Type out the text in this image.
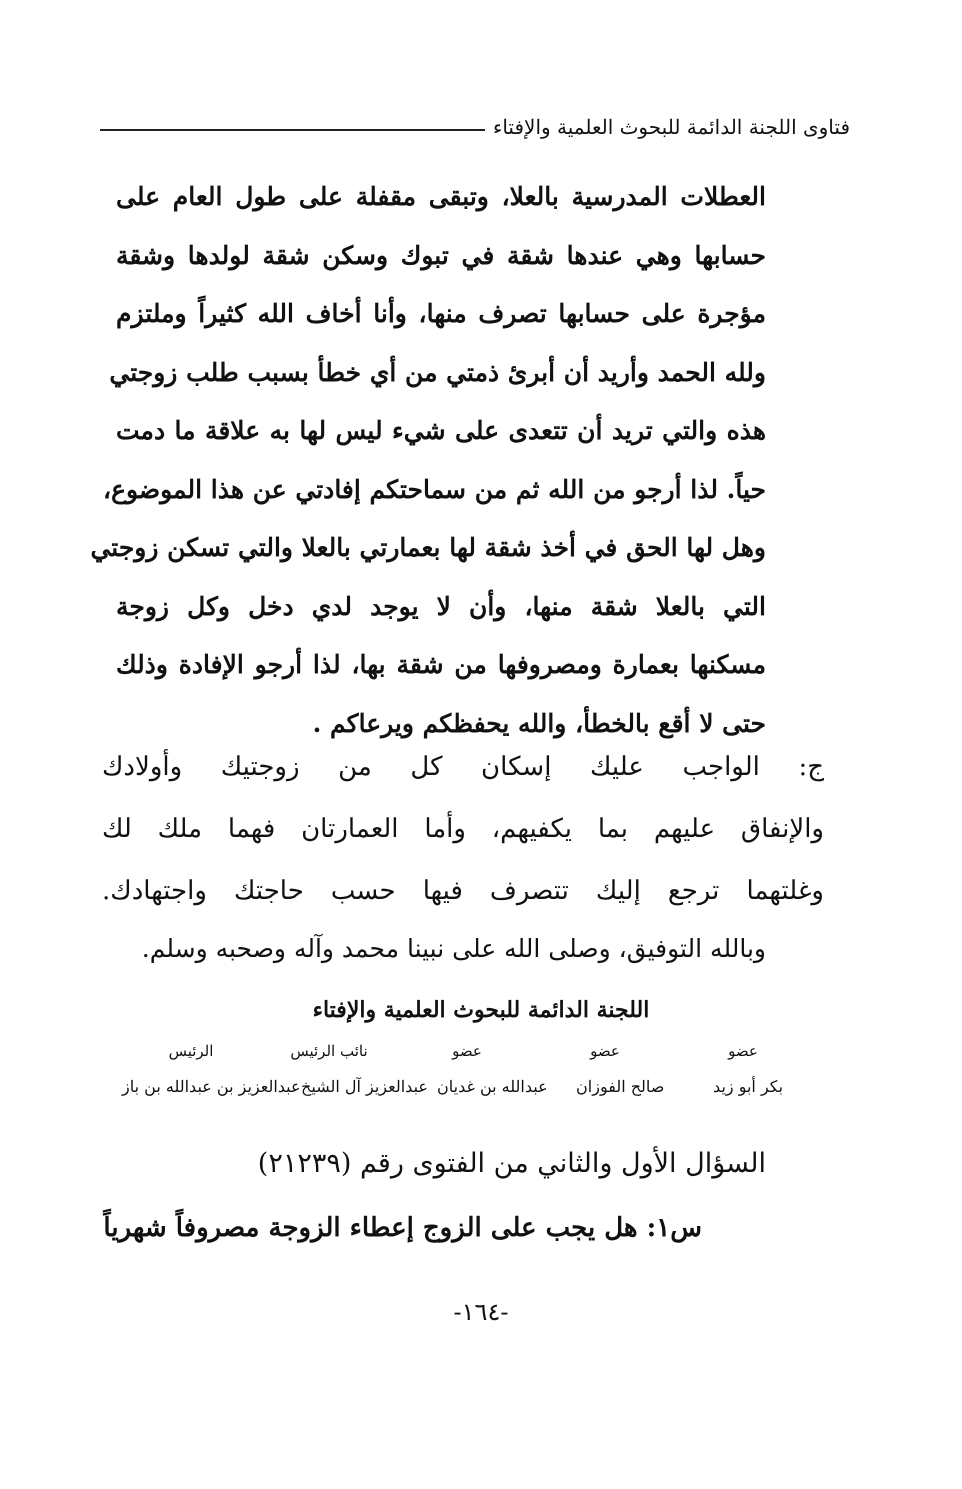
فتاوى اللجنة الدائمة للبحوث العلمية والإفتاء
العطلات المدرسية بالعلا، وتبقى مقفلة على طول العام على
حسابها وهي عندها شقة في تبوك وسكن شقة لولدها وشقة
مؤجرة على حسابها تصرف منها، وأنا أخاف الله كثيراً وملتزم
ولله الحمد وأريد أن أبرئ ذمتي من أي خطأ بسبب طلب زوجتي
هذه والتي تريد أن تتعدى على شيء ليس لها به علاقة ما دمت
حياً. لذا أرجو من الله ثم من سماحتكم إفادتي عن هذا الموضوع،
وهل لها الحق في أخذ شقة لها بعمارتي بالعلا والتي تسكن زوجتي
التي بالعلا شقة منها، وأن لا يوجد لدي دخل وكل زوجة
مسكنها بعمارة ومصروفها من شقة بها، لذا أرجو الإفادة وذلك
حتى لا أقع بالخطأ، والله يحفظكم ويرعاكم .
ج: الواجب عليك إسكان كل من زوجتيك وأولادك
والإنفاق عليهم بما يكفيهم، وأما العمارتان فهما ملك لك
وغلتهما ترجع إليك تتصرف فيها حسب حاجتك واجتهادك.
وبالله التوفيق، وصلى الله على نبينا محمد وآله وصحبه وسلم.
اللجنة الدائمة للبحوث العلمية والإفتاء
عضو
عضو
عضو
نائب الرئيس
الرئيس
بكر أبو زيد
صالح الفوزان
عبدالله بن غديان
عبدالعزيز آل الشيخ
عبدالعزيز بن عبدالله بن باز
السؤال الأول والثاني من الفتوى رقم (٢١٢٣٩)
س١: هل يجب على الزوج إعطاء الزوجة مصروفاً شهرياً
-١٦٤-
